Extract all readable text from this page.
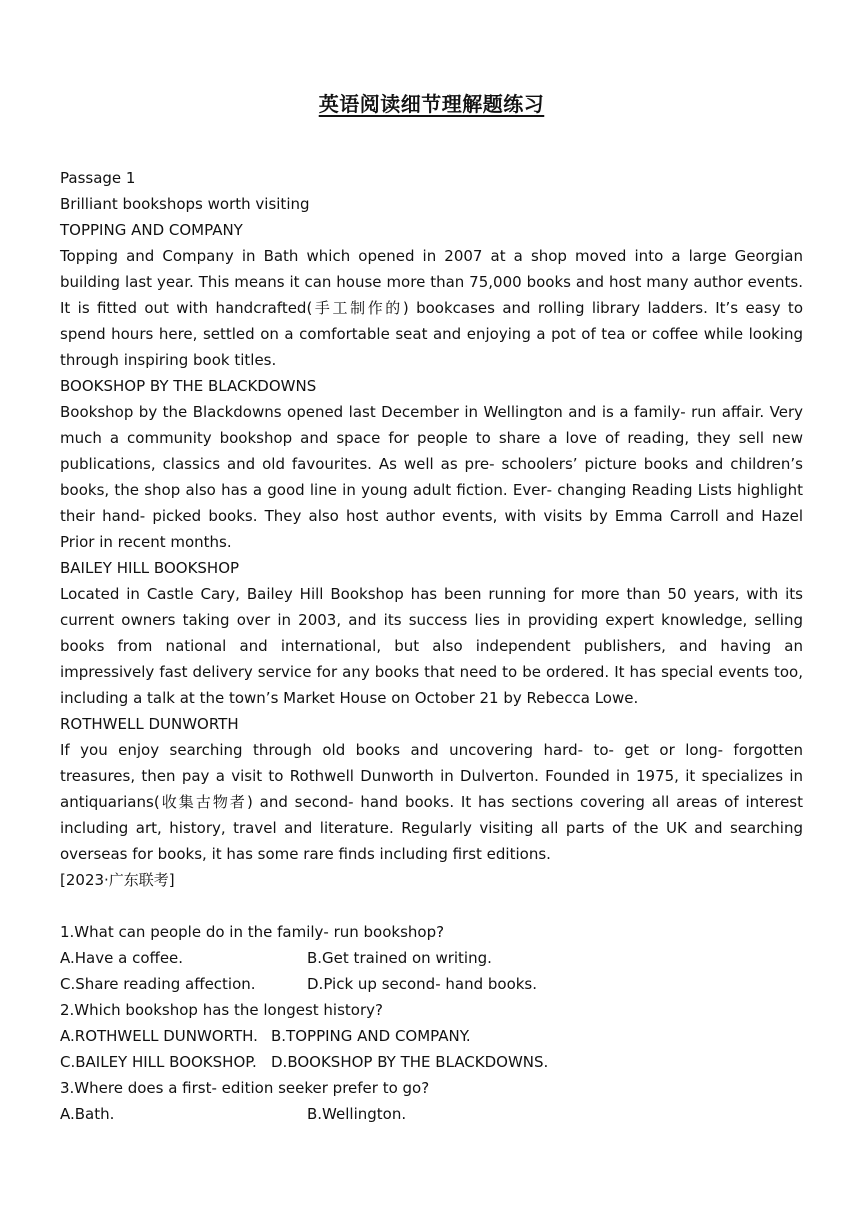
英语阅读细节理解题练习

Passage 1

Brilliant bookshops worth visiting

TOPPING AND COMPANY

Topping and Company in Bath which opened in 2007 at a shop moved into a large Georgian building last year. This means it can house more than 75,000 books and host many author events. It is fitted out with handcrafted(手工制作的) bookcases and rolling library ladders. It’s easy to spend hours here, settled on a comfortable seat and enjoying a pot of tea or coffee while looking through inspiring book titles.

BOOKSHOP BY THE BLACKDOWNS

Bookshop by the Blackdowns opened last December in Wellington and is a family‐ run affair. Very much a community bookshop and space for people to share a love of reading, they sell new publications, classics and old favourites. As well as pre‐ schoolers’ picture books and children’s books, the shop also has a good line in young adult fiction. Ever‐ changing Reading Lists highlight their hand‐ picked books. They also host author events, with visits by Emma Carroll and Hazel Prior in recent months.

BAILEY HILL BOOKSHOP

Located in Castle Cary, Bailey Hill Bookshop has been running for more than 50 years, with its current owners taking over in 2003, and its success lies in providing expert knowledge, selling books from national and international, but also independent publishers, and having an impressively fast delivery service for any books that need to be ordered. It has special events too, including a talk at the town’s Market House on October 21 by Rebecca Lowe.

ROTHWELL DUNWORTH

If you enjoy searching through old books and uncovering hard‐ to‐ get or long‐ forgotten treasures, then pay a visit to Rothwell Dunworth in Dulverton. Founded in 1975, it specializes in antiquarians(收集古物者) and second‐ hand books. It has sections covering all areas of interest including art, history, travel and literature. Regularly visiting all parts of the UK and searching overseas for books, it has some rare finds including first editions.

[2023·广东联考]

1.What can people do in the family‐ run bookshop?

A.Have a coffee.	B.Get trained on writing.
C.Share reading affection.	D.Pick up second‐ hand books.

2.Which bookshop has the longest history?

A.ROTHWELL DUNWORTH. B.TOPPING AND COMPANY.
C.BAILEY HILL BOOKSHOP. D.BOOKSHOP BY THE BLACKDOWNS.

3.Where does a first‐ edition seeker prefer to go?

A.Bath.	B.Wellington.
